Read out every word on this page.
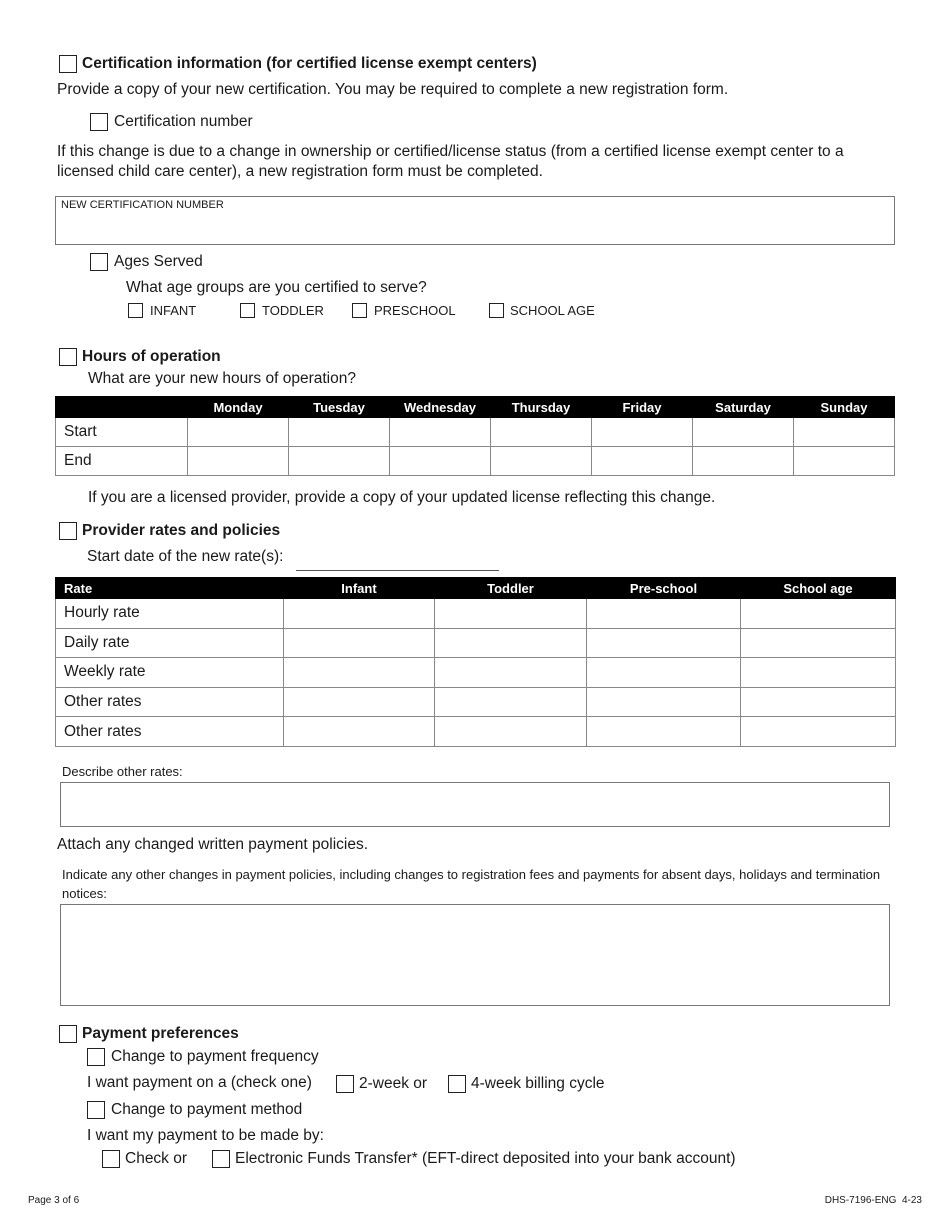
Certification information (for certified license exempt centers)
Provide a copy of your new certification. You may be required to complete a new registration form.
Certification number
If this change is due to a change in ownership or certified/license status (from a certified license exempt center to a licensed child care center), a new registration form must be completed.
NEW CERTIFICATION NUMBER
Ages Served
What age groups are you certified to serve?
INFANT	TODDLER	PRESCHOOL	SCHOOL AGE
Hours of operation
What are your new hours of operation?
	Monday	Tuesday	Wednesday	Thursday	Friday	Saturday	Sunday
Start							
End							
If you are a licensed provider, provide a copy of your updated license reflecting this change.
Provider rates and policies
Start date of the new rate(s):
Rate	Infant	Toddler	Pre-school	School age
Hourly rate				
Daily rate				
Weekly rate				
Other rates				
Other rates				
Describe other rates:
Attach any changed written payment policies.
Indicate any other changes in payment policies, including changes to registration fees and payments for absent days, holidays and termination notices:
Payment preferences
Change to payment frequency
I want payment on a (check one)	2-week or	4-week billing cycle
Change to payment method
I want my payment to be made by:
Check or	Electronic Funds Transfer* (EFT-direct deposited into your bank account)
Page 3 of 6	DHS-7196-ENG  4-23
